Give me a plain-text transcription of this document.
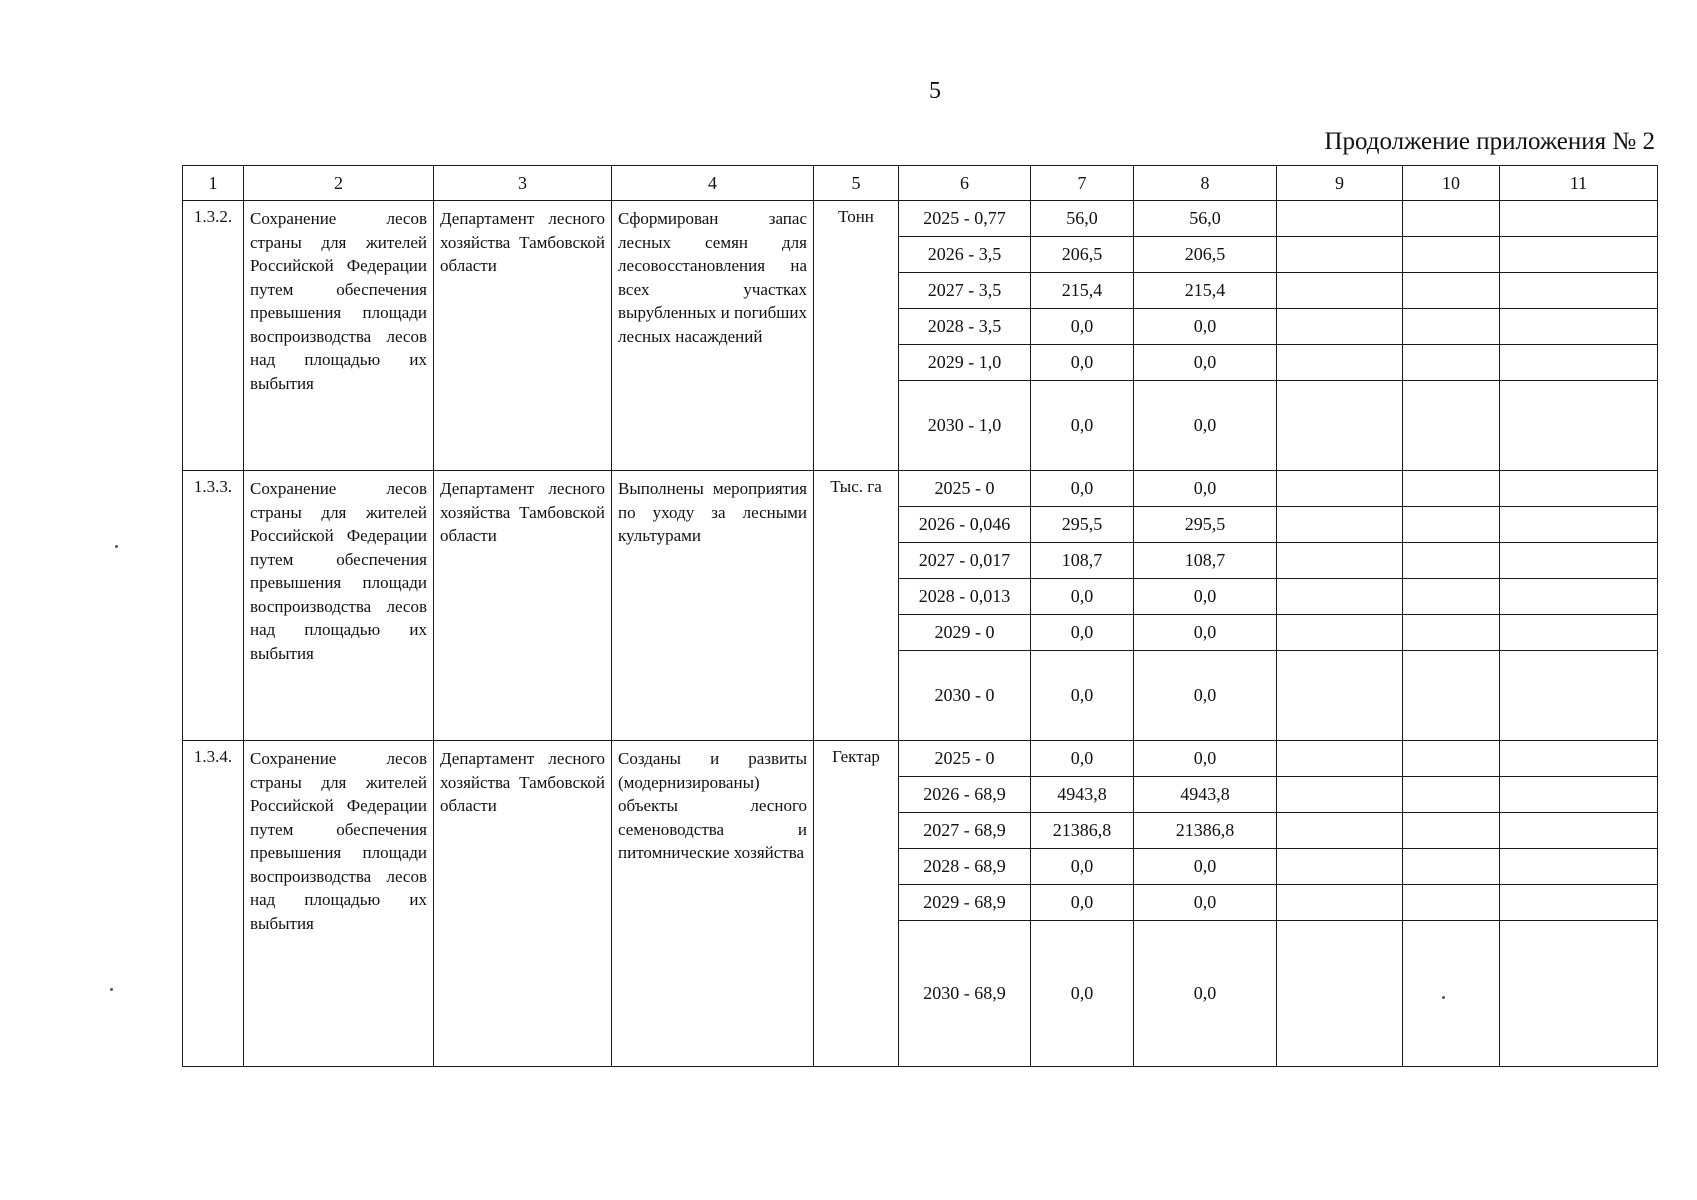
5
Продолжение приложения № 2
1	2	3	4	5	6	7	8	9	10	11
1.3.2.	Сохранение лесов страны для жителей Российской Федерации путем обеспечения превышения площади воспроизводства лесов над площадью их выбытия	Департамент лесного хозяйства Тамбовской области	Сформирован запас лесных семян для лесовосстановления на всех участках вырубленных и погибших лесных насаждений	Тонн	2025 - 0,77	56,0	56,0			
					2026 - 3,5	206,5	206,5			
					2027 - 3,5	215,4	215,4			
					2028 - 3,5	0,0	0,0			
					2029 - 1,0	0,0	0,0			
					2030 - 1,0	0,0	0,0			
1.3.3.	Сохранение лесов страны для жителей Российской Федерации путем обеспечения превышения площади воспроизводства лесов над площадью их выбытия	Департамент лесного хозяйства Тамбовской области	Выполнены мероприятия по уходу за лесными культурами	Тыс. га	2025 - 0	0,0	0,0			
					2026 - 0,046	295,5	295,5			
					2027 - 0,017	108,7	108,7			
					2028 - 0,013	0,0	0,0			
					2029 - 0	0,0	0,0			
					2030 - 0	0,0	0,0			
1.3.4.	Сохранение лесов страны для жителей Российской Федерации путем обеспечения превышения площади воспроизводства лесов над площадью их выбытия	Департамент лесного хозяйства Тамбовской области	Созданы и развиты (модернизированы) объекты лесного семеноводства и питомнические хозяйства	Гектар	2025 - 0	0,0	0,0			
					2026 - 68,9	4943,8	4943,8			
					2027 - 68,9	21386,8	21386,8			
					2028 - 68,9	0,0	0,0			
					2029 - 68,9	0,0	0,0			
					2030 - 68,9	0,0	0,0			
